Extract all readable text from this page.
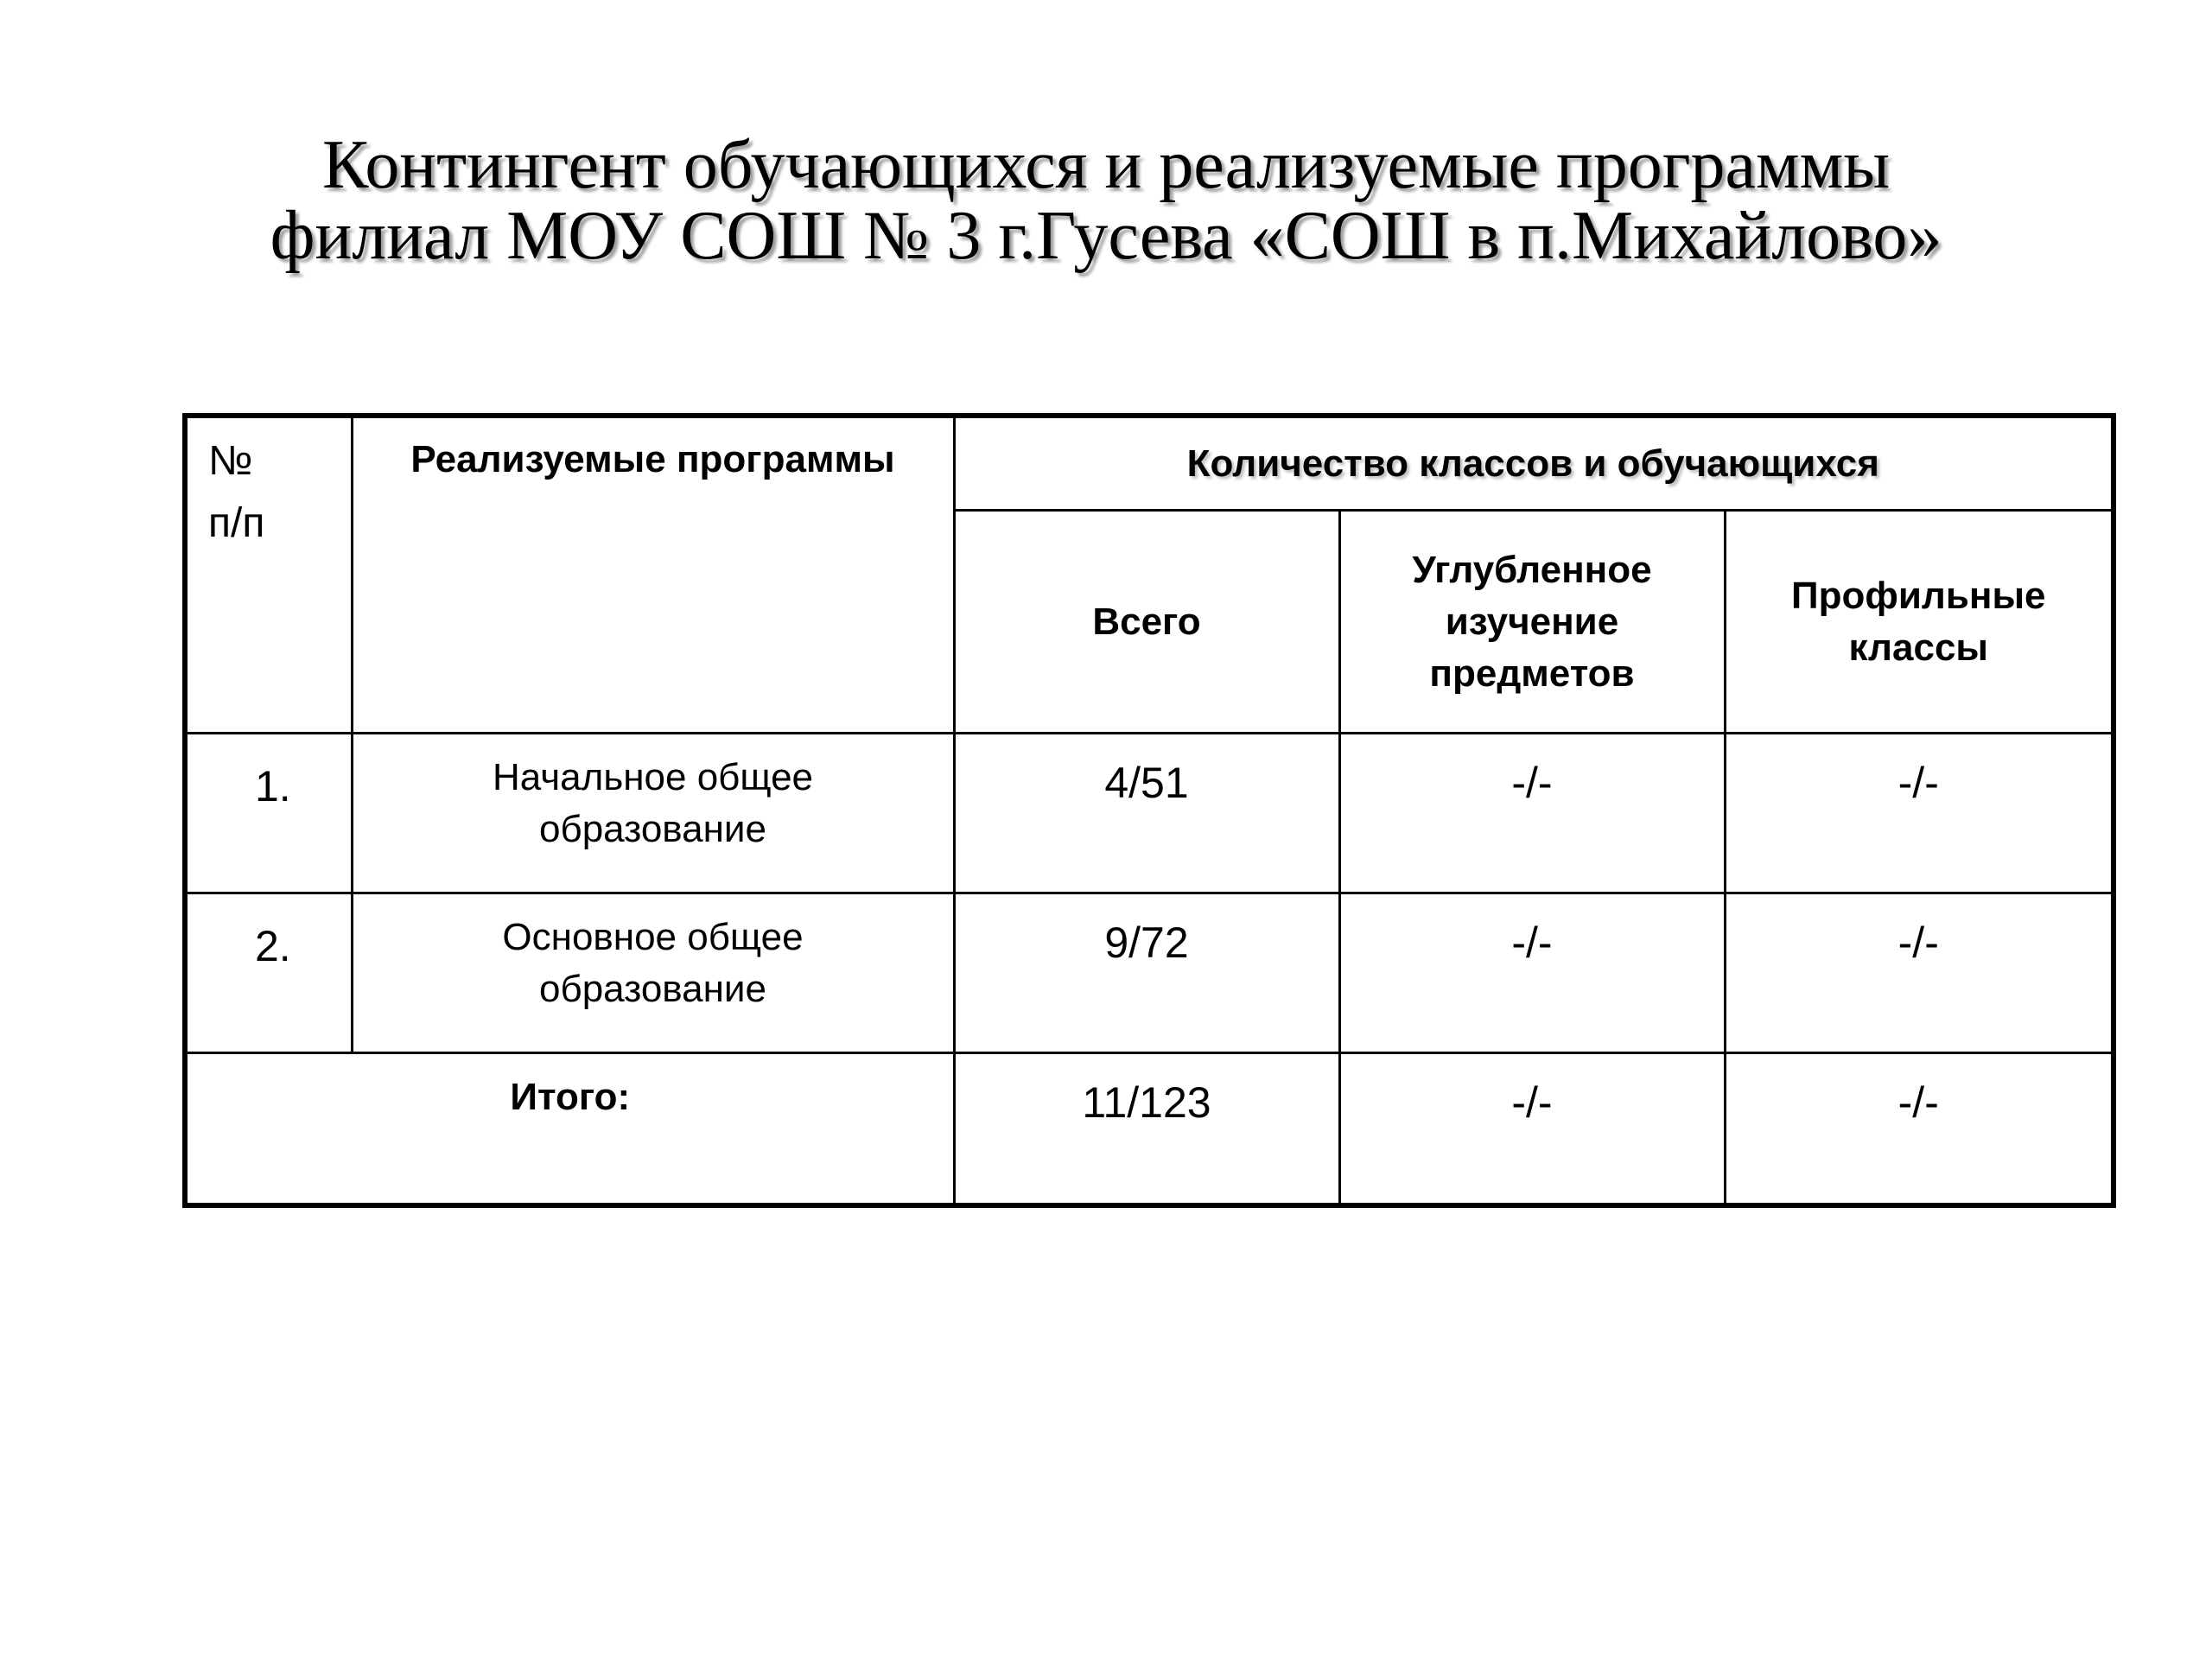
Контингент обучающихся и реализуемые программы
филиал МОУ СОШ № 3 г.Гусева «СОШ в п.Михайлово»
№ п/п	Реализуемые программы	Количество классов и обучающихся		
		Всего	Углубленное изучение предметов	Профильные классы

1.	Начальное общее образование	4/51	-/-	-/-
2.	Основное общее образование	9/72	-/-	-/-
Итого:		11/123	-/-	-/-
